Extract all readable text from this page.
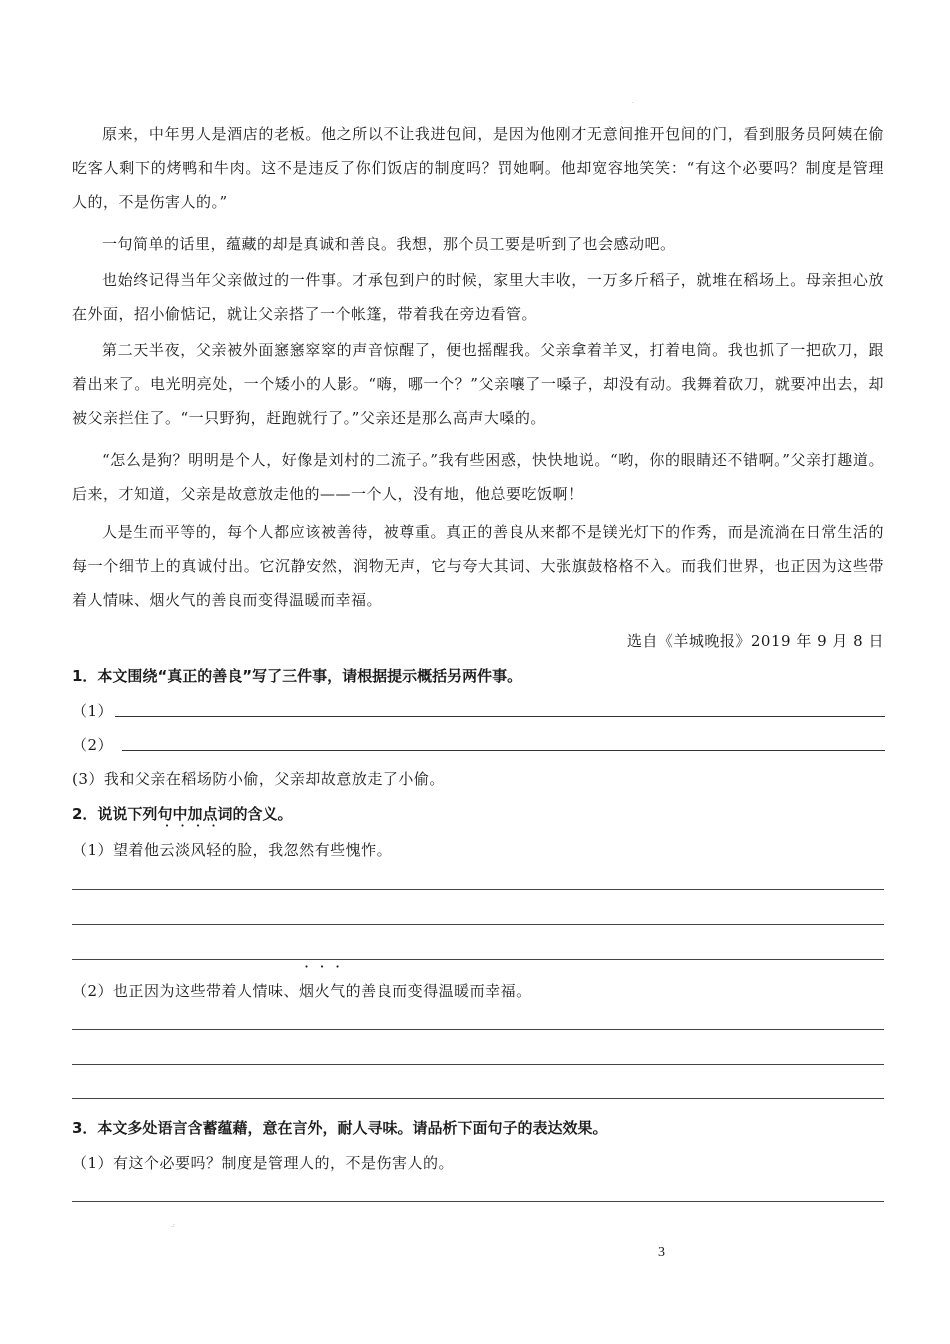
.

原来，中年男人是酒店的老板。他之所以不让我进包间，是因为他刚才无意间推开包间的门，看到服务员阿姨在偷吃客人剩下的烤鸭和牛肉。这不是违反了你们饭店的制度吗？罚她啊。他却宽容地笑笑：“有这个必要吗？制度是管理人的，不是伤害人的。”

一句简单的话里，蕴藏的却是真诚和善良。我想，那个员工要是听到了也会感动吧。

也始终记得当年父亲做过的一件事。才承包到户的时候，家里大丰收，一万多斤稻子，就堆在稻场上。母亲担心放在外面，招小偷惦记，就让父亲搭了一个帐篷，带着我在旁边看管。

第二天半夜，父亲被外面窸窸窣窣的声音惊醒了，便也摇醒我。父亲拿着羊叉，打着电筒。我也抓了一把砍刀，跟着出来了。电光明亮处，一个矮小的人影。“嗨，哪一个？”父亲嚷了一嗓子，却没有动。我舞着砍刀，就要冲出去，却被父亲拦住了。“一只野狗，赶跑就行了。”父亲还是那么高声大嗓的。

“怎么是狗？明明是个人，好像是刘村的二流子。”我有些困惑，快快地说。“哟，你的眼睛还不错啊。”父亲打趣道。后来，才知道，父亲是故意放走他的——一个人，没有地，他总要吃饭啊！

人是生而平等的，每个人都应该被善待，被尊重。真正的善良从来都不是镁光灯下的作秀，而是流淌在日常生活的每一个细节上的真诚付出。它沉静安然，润物无声，它与夸大其词、大张旗鼓格格不入。而我们世界，也正因为这些带着人情味、烟火气的善良而变得温暖而幸福。

选自《羊城晚报》2019 年 9 月 8 日
1．本文围绕“真正的善良”写了三件事，请根据提示概括另两件事。
（1）
（2）
(3）我和父亲在稻场防小偷，父亲却故意放走了小偷。
2．说说下列句中加点词的含义。
（1）望着他云淡风轻的脸，我忽然有些愧怍。
（2）也正因为这些带着人情味、烟火气的善良而变得温暖而幸福。
3．本文多处语言含蓄蕴藉，意在言外，耐人寻味。请品析下面句子的表达效果。
（1）有这个必要吗？制度是管理人的，不是伤害人的。
.:
3
